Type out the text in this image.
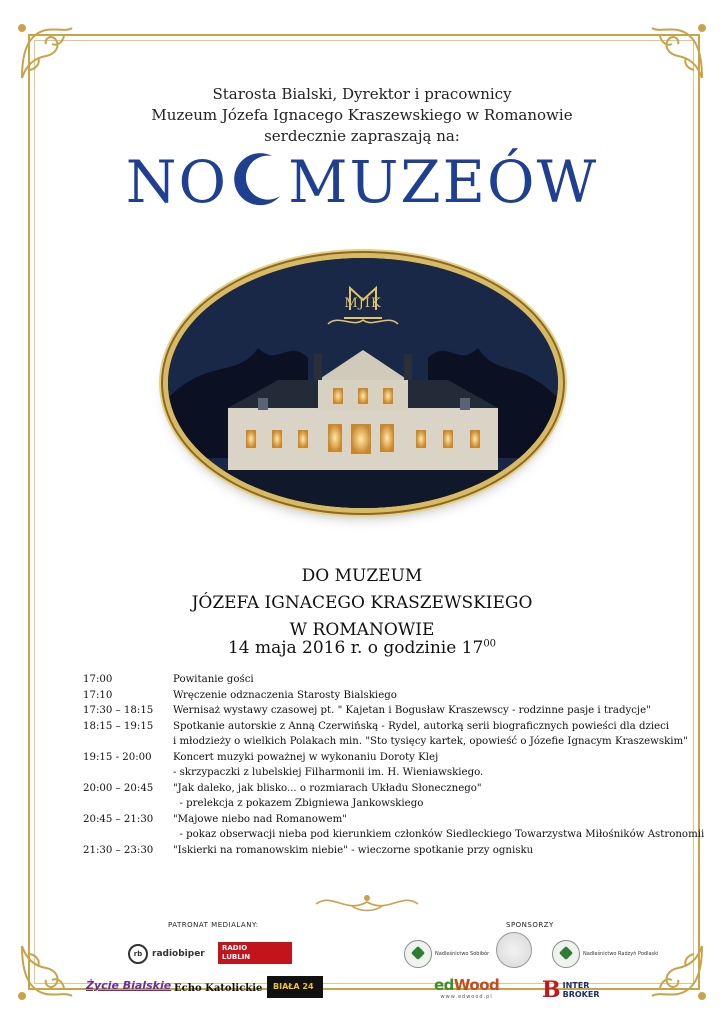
Starosta Bialski, Dyrektor i pracownicy
Muzeum Józefa Ignacego Kraszewskiego w Romanowie
serdecznie zapraszają na:
NO MUZEÓW
MJIK
DO MUZEUM
JÓZEFA IGNACEGO KRASZEWSKIEGO
W ROMANOWIE
14 maja 2016 r. o godzinie $17^{00}$
17:00	Powitanie gości
17:10	Wręczenie odznaczenia Starosty Bialskiego
17:30 – 18:15	Wernisaż wystawy czasowej pt. " Kajetan i Bogusław Kraszewscy - rodzinne pasje i tradycje"
18:15 – 19:15	Spotkanie autorskie z Anną Czerwińską - Rydel, autorką serii biograficznych powieści dla dzieci
i młodzieży o wielkich Polakach min. "Sto tysięcy kartek, opowieść o Józefie Ignacym Kraszewskim"
19:15 - 20:00	Koncert muzyki poważnej w wykonaniu Doroty Klej
- skrzypaczki z lubelskiej Filharmonii im. H. Wieniawskiego.
20:00 – 20:45	"Jak daleko, jak blisko... o rozmiarach Układu Słonecznego"
- prelekcja z pokazem Zbigniewa Jankowskiego
20:45 – 21:30	"Majowe niebo nad Romanowem"
- pokaz obserwacji nieba pod kierunkiem członków Siedleckiego Towarzystwa Miłośników Astronomii
21:30 – 23:30	"Iskierki na romanowskim niebie" - wieczorne spotkanie przy ognisku
PATRONAT MEDIALANY:	SPONSORZY
rb	radiobiper
RADIO
LUBLIN
Życie Bialskie Echo Katolickie	BIAŁA 24
Nadleśnictwo Sobibór	Nadleśnictwo Radzyń Podlaski
edWood
www.edwood.pl B INTER
BROKER
